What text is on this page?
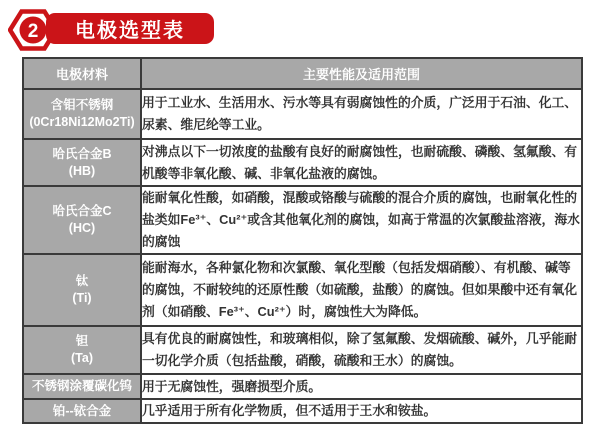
2 电极选型表
电极材料	主要性能及适用范围

含钼不锈钢
(0Cr18Ni12Mo2Ti)	用于工业水、生活用水、污水等具有弱腐蚀性的介质，广泛用于石油、化工、尿素、维尼纶等工业。

哈氏合金B
(HB)	对沸点以下一切浓度的盐酸有良好的耐腐蚀性，也耐硫酸、磷酸、氢氟酸、有机酸等非氧化酸、碱、非氧化盐液的腐蚀。

哈氏合金C
(HC)	能耐氧化性酸，如硝酸，混酸或铬酸与硫酸的混合介质的腐蚀，也耐氧化性的盐类如Fe³⁺、Cu²⁺或含其他氧化剂的腐蚀，如高于常温的次氯酸盐溶液，海水的腐蚀

钛
(Ti)	能耐海水，各种氯化物和次氯酸、氧化型酸（包括发烟硝酸）、有机酸、碱等的腐蚀，不耐较纯的还原性酸（如硫酸，盐酸）的腐蚀。但如果酸中还有氧化剂（如硝酸、Fe³⁺、Cu²⁺）时，腐蚀性大为降低。

钽
(Ta)	具有优良的耐腐蚀性，和玻璃相似，除了氢氟酸、发烟硫酸、碱外，几乎能耐一切化学介质（包括盐酸，硝酸，硫酸和王水）的腐蚀。

不锈钢涂覆碳化钨	用于无腐蚀性，强磨损型介质。

铂--铱合金	几乎适用于所有化学物质，但不适用于王水和铵盐。
